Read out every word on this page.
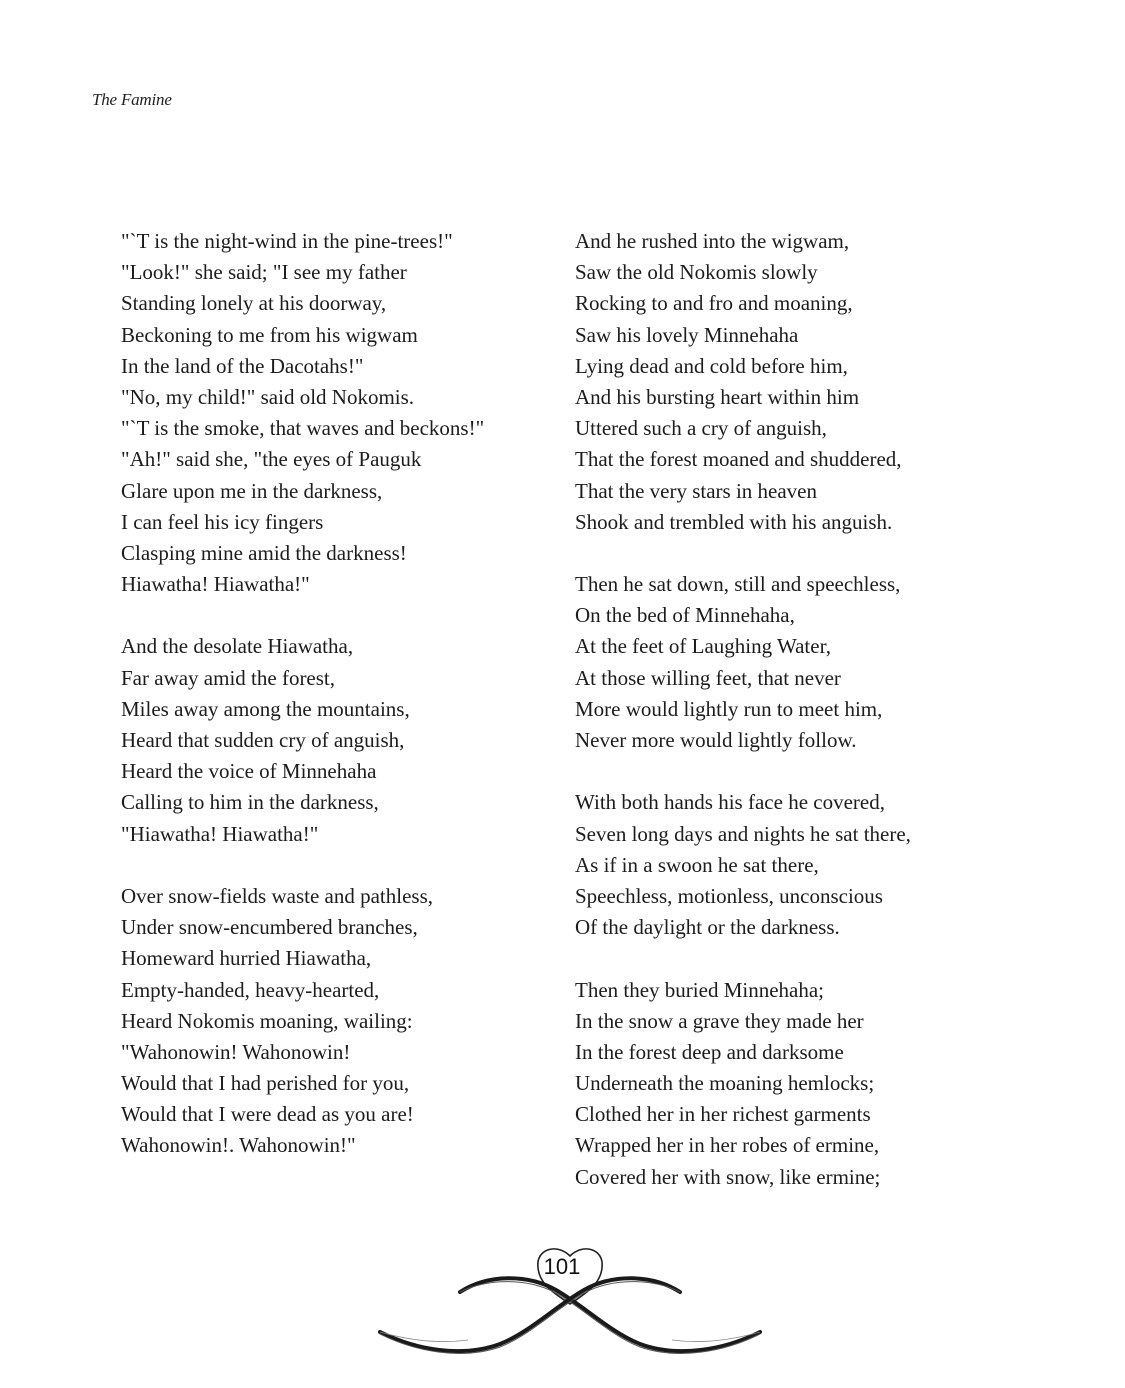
The Famine
"`T is the night-wind in the pine-trees!"
"Look!" she said; "I see my father
Standing lonely at his doorway,
Beckoning to me from his wigwam
In the land of the Dacotahs!"
"No, my child!" said old Nokomis.
"`T is the smoke, that waves and beckons!"
"Ah!" said she, "the eyes of Pauguk
Glare upon me in the darkness,
I can feel his icy fingers
Clasping mine amid the darkness!
Hiawatha! Hiawatha!"
And the desolate Hiawatha,
Far away amid the forest,
Miles away among the mountains,
Heard that sudden cry of anguish,
Heard the voice of Minnehaha
Calling to him in the darkness,
"Hiawatha! Hiawatha!"
Over snow-fields waste and pathless,
Under snow-encumbered branches,
Homeward hurried Hiawatha,
Empty-handed, heavy-hearted,
Heard Nokomis moaning, wailing:
"Wahonowin! Wahonowin!
Would that I had perished for you,
Would that I were dead as you are!
Wahonowin!. Wahonowin!"
And he rushed into the wigwam,
Saw the old Nokomis slowly
Rocking to and fro and moaning,
Saw his lovely Minnehaha
Lying dead and cold before him,
And his bursting heart within him
Uttered such a cry of anguish,
That the forest moaned and shuddered,
That the very stars in heaven
Shook and trembled with his anguish.
Then he sat down, still and speechless,
On the bed of Minnehaha,
At the feet of Laughing Water,
At those willing feet, that never
More would lightly run to meet him,
Never more would lightly follow.
With both hands his face he covered,
Seven long days and nights he sat there,
As if in a swoon he sat there,
Speechless, motionless, unconscious
Of the daylight or the darkness.
Then they buried Minnehaha;
In the snow a grave they made her
In the forest deep and darksome
Underneath the moaning hemlocks;
Clothed her in her richest garments
Wrapped her in her robes of ermine,
Covered her with snow, like ermine;
101
